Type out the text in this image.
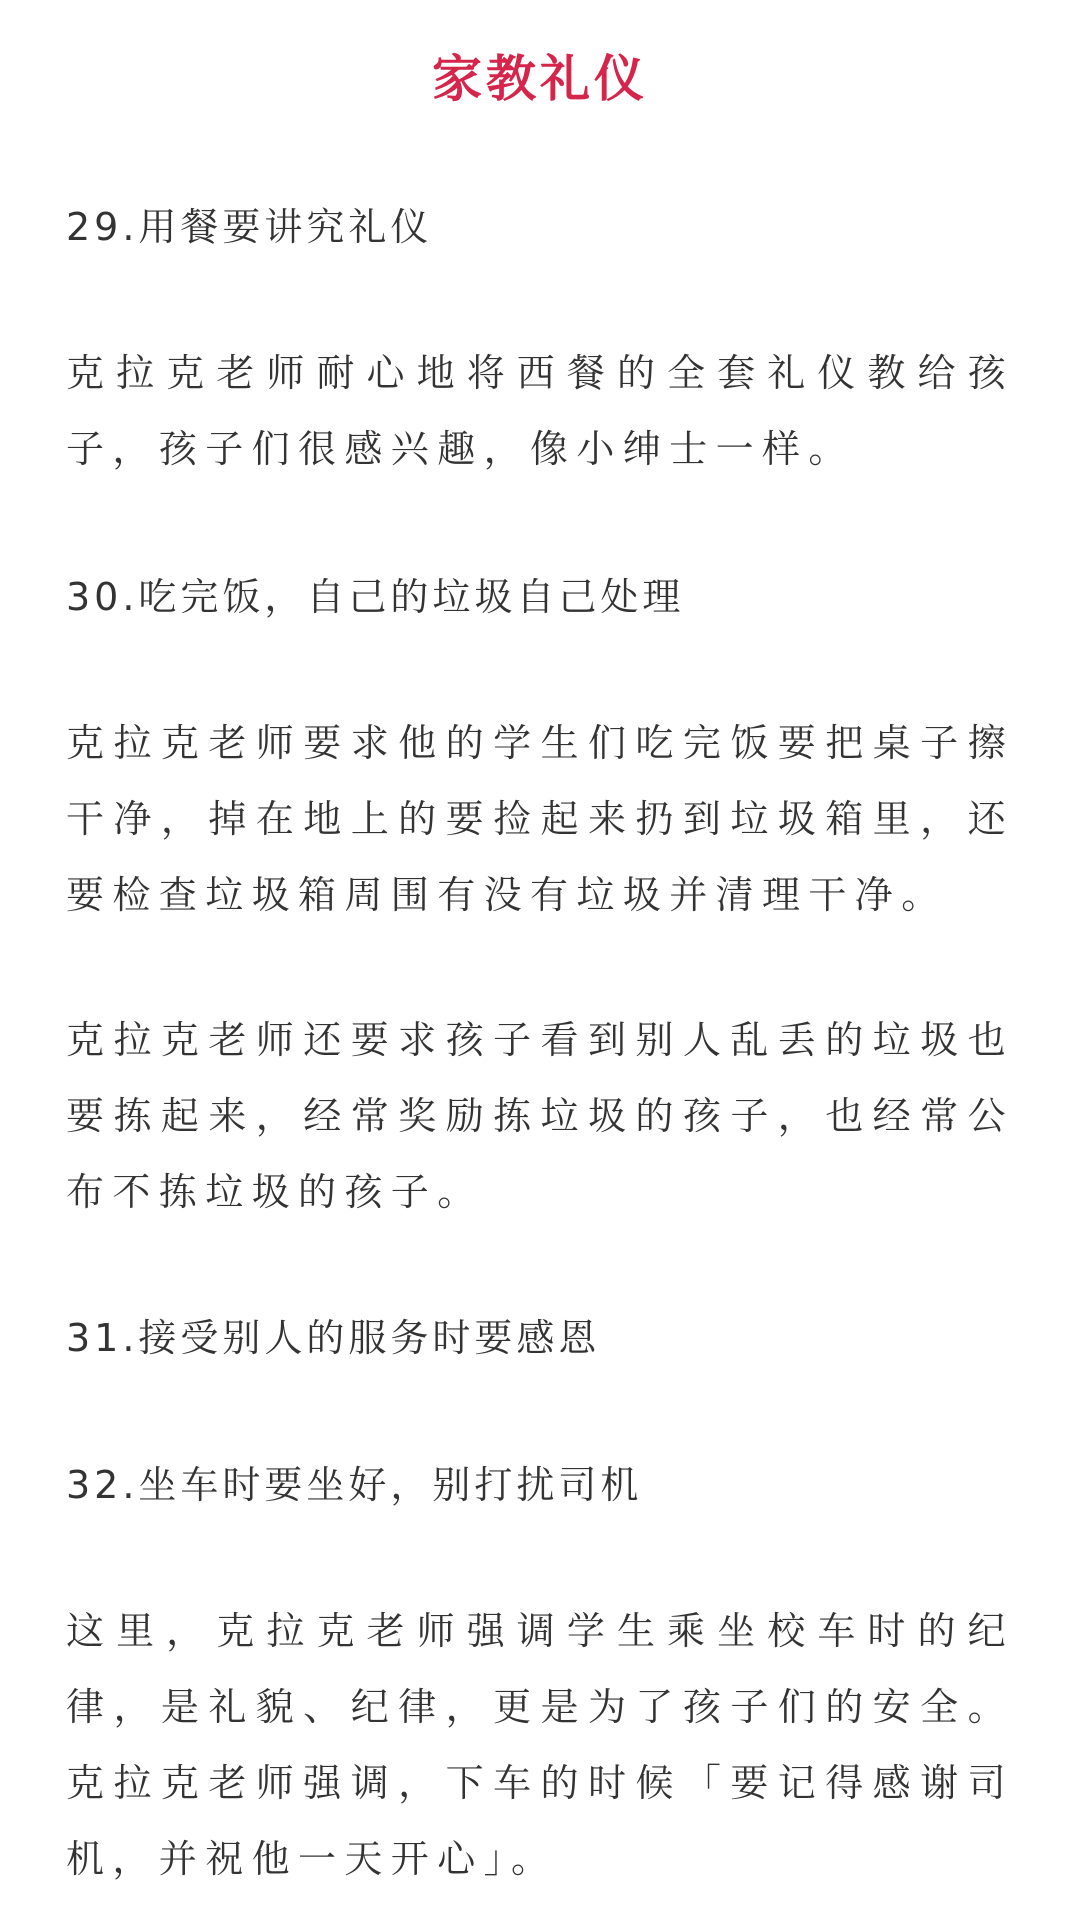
家教礼仪
29.用餐要讲究礼仪
克拉克老师耐心地将西餐的全套礼仪教给孩子，孩子们很感兴趣，像小绅士一样。
30.吃完饭，自己的垃圾自己处理
克拉克老师要求他的学生们吃完饭要把桌子擦干净，掉在地上的要捡起来扔到垃圾箱里，还要检查垃圾箱周围有没有垃圾并清理干净。
克拉克老师还要求孩子看到别人乱丢的垃圾也要拣起来，经常奖励拣垃圾的孩子，也经常公布不拣垃圾的孩子。
31.接受别人的服务时要感恩
32.坐车时要坐好，别打扰司机
这里，克拉克老师强调学生乘坐校车时的纪律，是礼貌、纪律，更是为了孩子们的安全。克拉克老师强调，下车的时候「要记得感谢司机，并祝他一天开心」。
